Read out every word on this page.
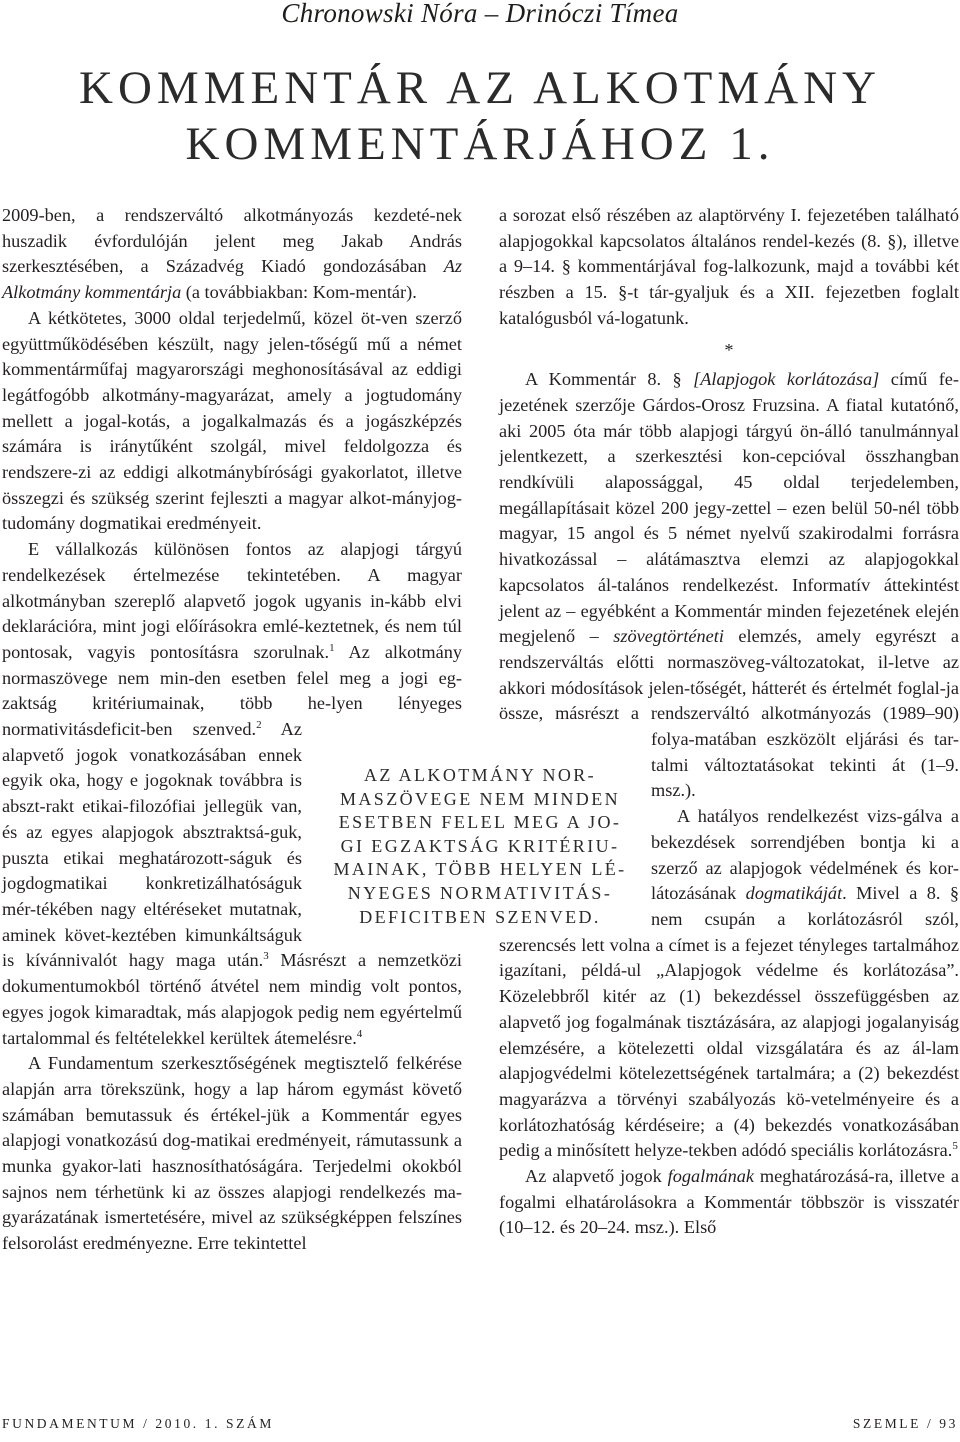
Chronowski Nóra – Drinóczi Tímea
KOMMENTÁR AZ ALKOTMÁNY
KOMMENTÁRJÁHOZ 1.

2009-ben, a rendszerváltó alkotmányozás kezdeté-nek huszadik évfordulóján jelent meg Jakab András szerkesztésében, a Századvég Kiadó gondozásában Az Alkotmány kommentárja (a továbbiakban: Kom-mentár).

A kétkötetes, 3000 oldal terjedelmű, közel öt-ven szerző együttműködésében készült, nagy jelen-tőségű mű a német kommentárműfaj magyarországi meghonosításával az eddigi legátfogóbb alkotmány-magyarázat, amely a jogtudomány mellett a jogal-kotás, a jogalkalmazás és a jogászképzés számára is iránytűként szolgál, mivel feldolgozza és rendszere-zi az eddigi alkotmánybírósági gyakorlatot, illetve összegzi és szükség szerint fejleszti a magyar alkot-mányjog-tudomány dogmatikai eredményeit.

E vállalkozás különösen fontos az alapjogi tárgyú rendelkezések értelmezése tekintetében. A magyar alkotmányban szereplő alapvető jogok ugyanis in-kább elvi deklarációra, mint jogi előírásokra emlé-keztetnek, és nem túl pontosak, vagyis pontosításra szorulnak.$^1$ Az alkotmány normaszövege nem min-den esetben felel meg a jogi eg-zaktság kritériumainak, több he-lyen lényeges normativitásdeficit-ben szenved.$^2$ Az alapvető jogok vonatkozásában ennek egyik oka, hogy e jogoknak továbbra is abszt-rakt etikai-filozófiai jellegük van, és az egyes alapjogok absztraktsá-guk, puszta etikai meghatározott-ságuk és jogdogmatikai konkretizálhatóságuk mér-tékében nagy eltéréseket mutatnak, aminek követ-keztében kimunkáltságuk is kívánnivalót hagy maga után.$^3$ Másrészt a nemzetközi dokumentumokból történő átvétel nem mindig volt pontos, egyes jogok kimaradtak, más alapjogok pedig nem egyértelmű tartalommal és feltételekkel kerültek átemelésre.$^4$

A Fundamentum szerkesztőségének megtisztelő felkérése alapján arra törekszünk, hogy a lap három egymást követő számában bemutassuk és értékel-jük a Kommentár egyes alapjogi vonatkozású dog-matikai eredményeit, rámutassunk a munka gyakor-lati hasznosíthatóságára. Terjedelmi okokból sajnos nem térhetünk ki az összes alapjogi rendelkezés ma-gyarázatának ismertetésére, mivel az szükségképpen felszínes felsorolást eredményezne. Erre tekintettel

a sorozat első részében az alaptörvény I. fejezetében található alapjogokkal kapcsolatos általános rendel-kezés (8. §), illetve a 9–14. § kommentárjával fog-lalkozunk, majd a további két részben a 15. §-t tár-gyaljuk és a XII. fejezetben foglalt katalógusból vá-logatunk.

*

A Kommentár 8. § [Alapjogok korlátozása] című fe-jezetének szerzője Gárdos-Orosz Fruzsina. A fiatal kutatónő, aki 2005 óta már több alapjogi tárgyú ön-álló tanulmánnyal jelentkezett, a szerkesztési kon-cepcióval összhangban rendkívüli alapossággal, 45 oldal terjedelemben, megállapításait közel 200 jegy-zettel – ezen belül 50-nél több magyar, 15 angol és 5 német nyelvű szakirodalmi forrásra hivatkozással – alátámasztva elemzi az alapjogokkal kapcsolatos ál-talános rendelkezést. Informatív áttekintést jelent az – egyébként a Kommentár minden fejezetének elején megjelenő – szövegtörténeti elemzés, amely egyrészt a rendszerváltás előtti normaszöveg-változatokat, il-letve az akkori módosítások jelen-tőségét, hátterét és értelmét foglal-ja össze, másrészt a rendszerváltó alkotmányozás (1989–90) folya-matában eszközölt eljárási és tar-talmi változtatásokat tekinti át (1–9. msz.).

A hatályos rendelkezést vizs-gálva a bekezdések sorrendjében bontja ki a szerző az alapjogok védelmének és kor-látozásának dogmatikáját. Mivel a 8. § nem csupán a korlátozásról szól, szerencsés lett volna a címet is a fejezet tényleges tartalmához igazítani, példá-ul „Alapjogok védelme és korlátozása”. Közelebbről kitér az (1) bekezdéssel összefüggésben az alapvető jog fogalmának tisztázására, az alapjogi jogalanyiság elemzésére, a kötelezetti oldal vizsgálatára és az ál-lam alapjogvédelmi kötelezettségének tartalmára; a (2) bekezdést magyarázva a törvényi szabályozás kö-vetelményeire és a korlátozhatóság kérdéseire; a (4) bekezdés vonatkozásában pedig a minősített helyze-tekben adódó speciális korlátozásra.$^5$

Az alapvető jogok fogalmának meghatározásá-ra, illetve a fogalmi elhatárolásokra a Kommentár többször is visszatér (10–12. és 20–24. msz.). Első

AZ ALKOTMÁNY NOR-MASZÖVEGE NEM MINDEN ESETBEN FELEL MEG A JO-GI EGZAKTSÁG KRITÉRIU-MAINAK, TÖBB HELYEN LÉ-NYEGES NORMATIVITÁS-DEFICITBEN SZENVED.
FUNDAMENTUM / 2010. 1. SZÁM	SZEMLE / 93
